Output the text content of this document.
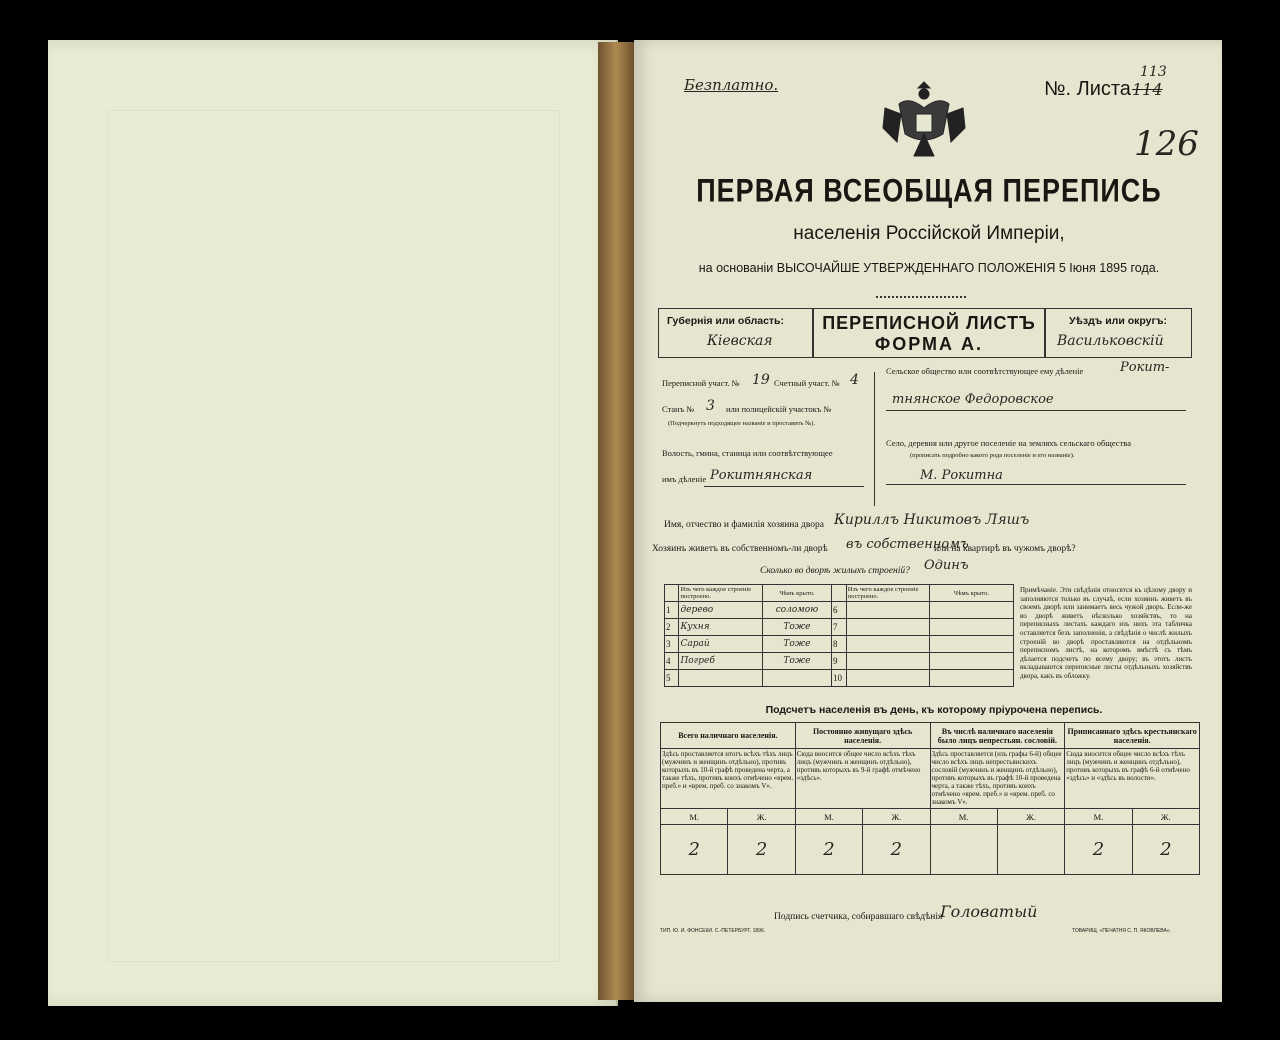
Безплатно.	№. Листа 114
113
126
ПЕРВАЯ ВСЕОБЩАЯ ПЕРЕПИСЬ
населенія Россійской Имперіи,
на основаніи ВЫСОЧАЙШЕ УТВЕРЖДЕННАГО ПОЛОЖЕНІЯ 5 Іюня 1895 года.
Губернія или область:
Кіевская
ПЕРЕПИСНОЙ ЛИСТЪ
ФОРМА А.
Уѣздъ или округъ:
Васильковскій
Переписной участ. № 19 Счетный участ. № 4
Станъ № 3 или полицейскій участокъ №
(Подчеркнуть подходящее названіе и проставить №).
Волость, гмина, станица или соотвѣтствующее
имъ дѣленіе Рокитнянская
Сельское общество или соотвѣтствующее ему дѣленіе	Рокит-
тнянское Федоровское
Село, деревня или другое поселеніе на земляхъ сельскаго общества
(прописать подробно какого рода поселеніе и его названіе).
М. Рокитна
Имя, отчество и фамилія хозяина двора Кириллъ Никитовъ Ляшъ
Хозяинъ живетъ въ собственномъ-ли дворѣ въ собственномъ
или на квартирѣ въ чужомъ дворѣ?
Сколько во дворѣ жилыхъ строеній? Одинъ
	Изъ чего каждое строеніе построено.	Чѣмъ крыто.		Изъ чего каждое строеніе построено.	Чѣмъ крыто.
1	дерево	соломою	6		
2	Кухня	Тоже	7		
3	Сарай	Тоже	8		
4	Погреб	Тоже	9		
5			10		
Примѣчаніе. Эти свѣдѣнія относятся къ цѣлому двору и заполняются только въ случаѣ, если хозяинъ живетъ въ своемъ дворѣ или занимаетъ весь чужой дворъ. Если-же во дворѣ живетъ нѣсколько хозяйствъ, то на переписныхъ листахъ каждаго изъ нихъ эта табличка оставляется безъ заполненія, а свѣдѣнія о числѣ жилыхъ строеній во дворѣ проставляются на отдѣльномъ переписномъ листѣ, на которомъ вмѣстѣ съ тѣмъ дѣлается подсчетъ по всему двору; въ этотъ листъ вкладываются переписные листы отдѣльныхъ хозяйствъ двора, какъ въ обложку.
Подсчетъ населенія въ день, къ которому пріурочена перепись.
Всего наличнаго населенія.		Постоянно живущаго здѣсь населенія.		Въ числѣ наличнаго населенія было лицъ непрестьян. сословій.		Приписаннаго здѣсь крестьянскаго населенія.	
Здѣсь проставляется итогъ всѣхъ тѣхъ лицъ (мужчинъ и женщинъ отдѣльно), противъ которыхъ въ 10-й графѣ проведена черта, а также тѣхъ, противъ коихъ отмѣчено «врем. преб.» и «врем. преб. со знакомъ V».		Сюда вносится общее число всѣхъ тѣхъ лицъ (мужчинъ и женщинъ отдѣльно), противъ которыхъ въ 9-й графѣ отмѣчено «здѣсь».		Здѣсь проставляется (изъ графы 6-й) общее число всѣхъ лицъ непрестьянскихъ сословій (мужчинъ и женщинъ отдѣльно), противъ которыхъ въ графѣ 10-й проведена черта, а также тѣхъ, противъ коихъ отмѣчено «врем. преб.» и «врем. преб. со знакомъ V».		Сюда вносится общее число всѣхъ тѣхъ лицъ (мужчинъ и женщинъ отдѣльно), противъ которыхъ въ графѣ 6-й отмѣчено «здѣсь» и «здѣсь въ волости».	
М.	Ж.	М.	Ж.	М.	Ж.	М.	Ж.
2	2	2	2			2	2
Подпись счетчика, собиравшаго свѣдѣнія
Головатый
ТИП. Ю. И. ФОНСЕКИ. С.-ПЕТЕРБУРГ. 1896.	ТОВАРИЩ. «ПЕЧАТНЯ С. П. ЯКОВЛЕВА».
